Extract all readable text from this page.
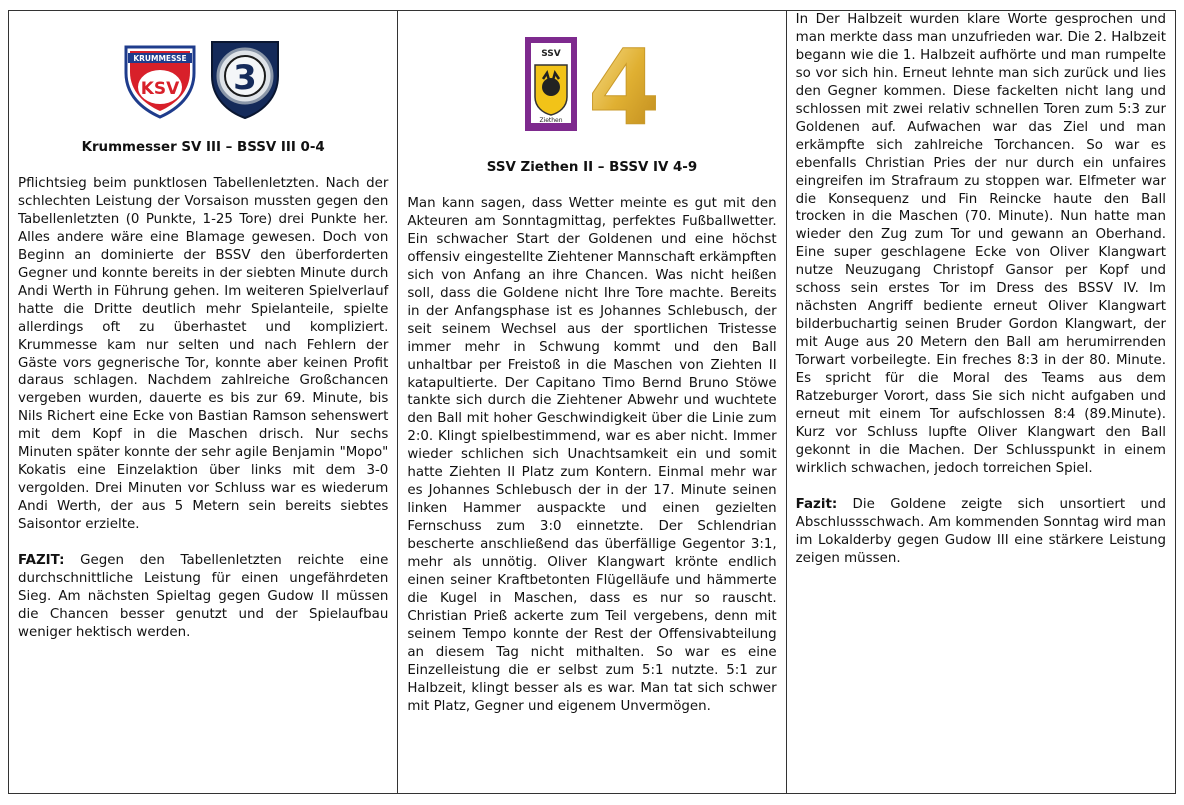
KRUMMESSE
KSV 3

Krummesser SV III – BSSV III 0-4

Pflichtsieg beim punktlosen Tabellenletzten. Nach der schlechten Leistung der Vorsaison mussten gegen den Tabellenletzten (0 Punkte, 1-25 Tore) drei Punkte her. Alles andere wäre eine Blamage gewesen. Doch von Beginn an dominierte der BSSV den überforderten Gegner und konnte bereits in der siebten Minute durch Andi Werth in Führung gehen. Im weiteren Spielverlauf hatte die Dritte deutlich mehr Spielanteile, spielte allerdings oft zu überhastet und kompliziert. Krummesse kam nur selten und nach Fehlern der Gäste vors gegnerische Tor, konnte aber keinen Profit daraus schlagen. Nachdem zahlreiche Großchancen vergeben wurden, dauerte es bis zur 69. Minute, bis Nils Richert eine Ecke von Bastian Ramson sehenswert mit dem Kopf in die Maschen drisch. Nur sechs Minuten später konnte der sehr agile Benjamin "Mopo" Kokatis eine Einzelaktion über links mit dem 3-0 vergolden. Drei Minuten vor Schluss war es wiederum Andi Werth, der aus 5 Metern sein bereits siebtes Saisontor erzielte.

FAZIT: Gegen den Tabellenletzten reichte eine durchschnittliche Leistung für einen ungefährdeten Sieg. Am nächsten Spieltag gegen Gudow II müssen die Chancen besser genutzt und der Spielaufbau weniger hektisch werden.

SSV
Ziethen 4

SSV Ziethen II – BSSV IV 4-9

Man kann sagen, dass Wetter meinte es gut mit den Akteuren am Sonntagmittag, perfektes Fußballwetter. Ein schwacher Start der Goldenen und eine höchst offensiv eingestellte Ziehtener Mannschaft erkämpften sich von Anfang an ihre Chancen. Was nicht heißen soll, dass die Goldene nicht Ihre Tore machte. Bereits in der Anfangsphase ist es Johannes Schlebusch, der seit seinem Wechsel aus der sportlichen Tristesse immer mehr in Schwung kommt und den Ball unhaltbar per Freistoß in die Maschen von Ziehten II katapultierte. Der Capitano Timo Bernd Bruno Stöwe tankte sich durch die Ziehtener Abwehr und wuchtete den Ball mit hoher Geschwindigkeit über die Linie zum 2:0. Klingt spielbestimmend, war es aber nicht. Immer wieder schlichen sich Unachtsamkeit ein und somit hatte Ziehten II Platz zum Kontern. Einmal mehr war es Johannes Schlebusch der in der 17. Minute seinen linken Hammer auspackte und einen gezielten Fernschuss zum 3:0 einnetzte. Der Schlendrian bescherte anschließend das überfällige Gegentor 3:1, mehr als unnötig. Oliver Klangwart krönte endlich einen seiner Kraftbetonten Flügelläufe und hämmerte die Kugel in Maschen, dass es nur so rauscht. Christian Prieß ackerte zum Teil vergebens, denn mit seinem Tempo konnte der Rest der Offensivabteilung an diesem Tag nicht mithalten. So war es eine Einzelleistung die er selbst zum 5:1 nutzte. 5:1 zur Halbzeit, klingt besser als es war. Man tat sich schwer mit Platz, Gegner und eigenem Unvermögen.

In Der Halbzeit wurden klare Worte gesprochen und man merkte dass man unzufrieden war. Die 2. Halbzeit begann wie die 1. Halbzeit aufhörte und man rumpelte so vor sich hin. Erneut lehnte man sich zurück und lies den Gegner kommen. Diese fackelten nicht lang und schlossen mit zwei relativ schnellen Toren zum 5:3 zur Goldenen auf. Aufwachen war das Ziel und man erkämpfte sich zahlreiche Torchancen. So war es ebenfalls Christian Pries der nur durch ein unfaires eingreifen im Strafraum zu stoppen war. Elfmeter war die Konsequenz und Fin Reincke haute den Ball trocken in die Maschen (70. Minute). Nun hatte man wieder den Zug zum Tor und gewann an Oberhand. Eine super geschlagene Ecke von Oliver Klangwart nutze Neuzugang Christopf Gansor per Kopf und schoss sein erstes Tor im Dress des BSSV IV. Im nächsten Angriff bediente erneut Oliver Klangwart bilderbuchartig seinen Bruder Gordon Klangwart, der mit Auge aus 20 Metern den Ball am herumirrenden Torwart vorbeilegte. Ein freches 8:3 in der 80. Minute. Es spricht für die Moral des Teams aus dem Ratzeburger Vorort, dass Sie sich nicht aufgaben und erneut mit einem Tor aufschlossen 8:4 (89.Minute). Kurz vor Schluss lupfte Oliver Klangwart den Ball gekonnt in die Machen. Der Schlusspunkt in einem wirklich schwachen, jedoch torreichen Spiel.

Fazit: Die Goldene zeigte sich unsortiert und Abschlussschwach. Am kommenden Sonntag wird man im Lokalderby gegen Gudow III eine stärkere Leistung zeigen müssen.
